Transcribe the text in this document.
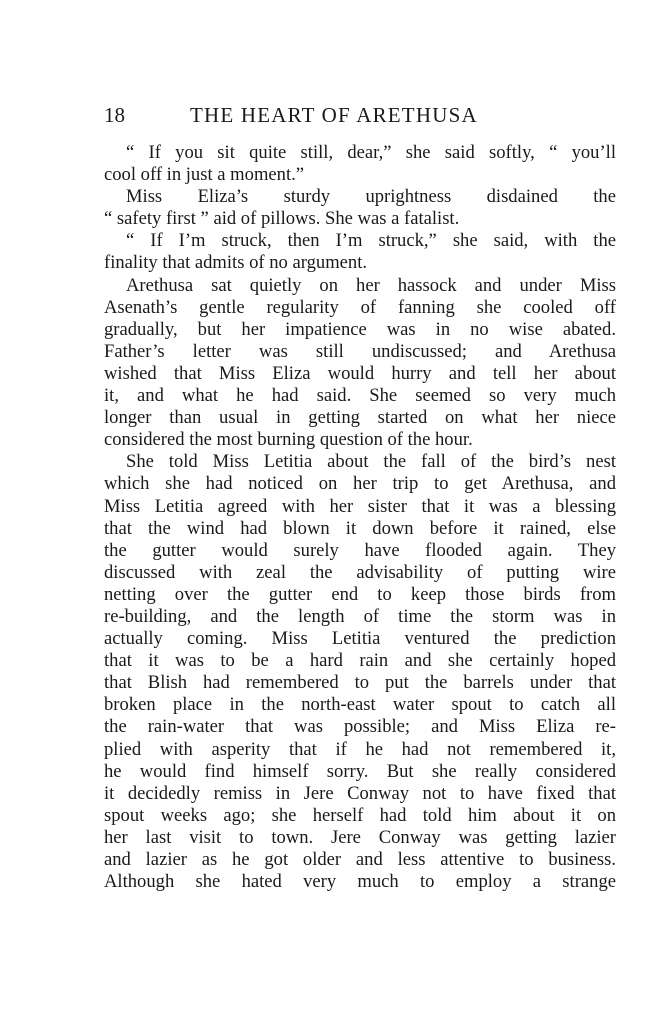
18	THE HEART OF ARETHUSA
“ If you sit quite still, dear,” she said softly, “ you’ll
cool off in just a moment.”
Miss Eliza’s sturdy uprightness disdained the
“ safety first ” aid of pillows. She was a fatalist.
“ If I’m struck, then I’m struck,” she said, with the
finality that admits of no argument.
Arethusa sat quietly on her hassock and under Miss
Asenath’s gentle regularity of fanning she cooled off
gradually, but her impatience was in no wise abated.
Father’s letter was still undiscussed; and Arethusa
wished that Miss Eliza would hurry and tell her about
it, and what he had said. She seemed so very much
longer than usual in getting started on what her niece
considered the most burning question of the hour.
She told Miss Letitia about the fall of the bird’s nest
which she had noticed on her trip to get Arethusa, and
Miss Letitia agreed with her sister that it was a blessing
that the wind had blown it down before it rained, else
the gutter would surely have flooded again. They
discussed with zeal the advisability of putting wire
netting over the gutter end to keep those birds from
re-building, and the length of time the storm was in
actually coming. Miss Letitia ventured the prediction
that it was to be a hard rain and she certainly hoped
that Blish had remembered to put the barrels under that
broken place in the north-east water spout to catch all
the rain-water that was possible; and Miss Eliza re-
plied with asperity that if he had not remembered it,
he would find himself sorry. But she really considered
it decidedly remiss in Jere Conway not to have fixed that
spout weeks ago; she herself had told him about it on
her last visit to town. Jere Conway was getting lazier
and lazier as he got older and less attentive to business.
Although she hated very much to employ a strange
